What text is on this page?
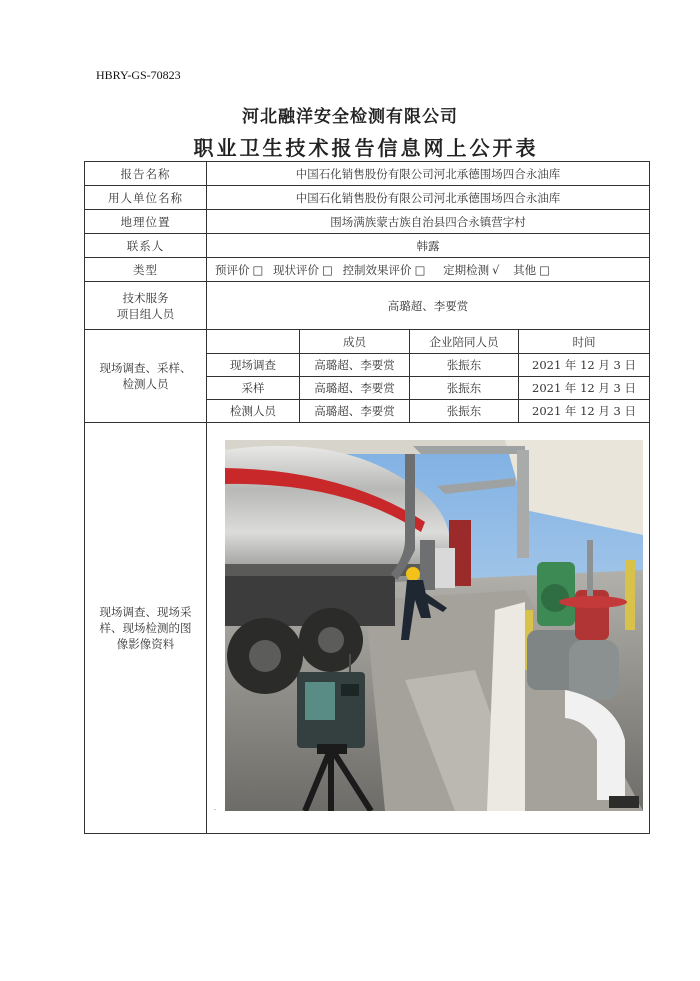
HBRY-GS-70823
河北融洋安全检测有限公司
职业卫生技术报告信息网上公开表
报告名称	中国石化销售股份有限公司河北承德围场四合永油库			
用人单位名称	中国石化销售股份有限公司河北承德围场四合永油库			
地理位置	围场满族蒙古族自治县四合永镇营字村			
联系人	韩露			
类型	预评价 □ 现状评价 □ 控制效果评价 □ 定期检测 √ 其他 □			

技术服务
项目组人员	高璐超、李要赏			

现场调查、采样、
检测人员		成员	企业陪同人员	时间
	现场调查	高璐超、李要赏	张振东	2021 年 12 月 3 日
	采样	高璐超、李要赏	张振东	2021 年 12 月 3 日
	检测人员	高璐超、李要赏	张振东	2021 年 12 月 3 日

现场调查、现场采
样、现场检测的图
像影像资料	·			
